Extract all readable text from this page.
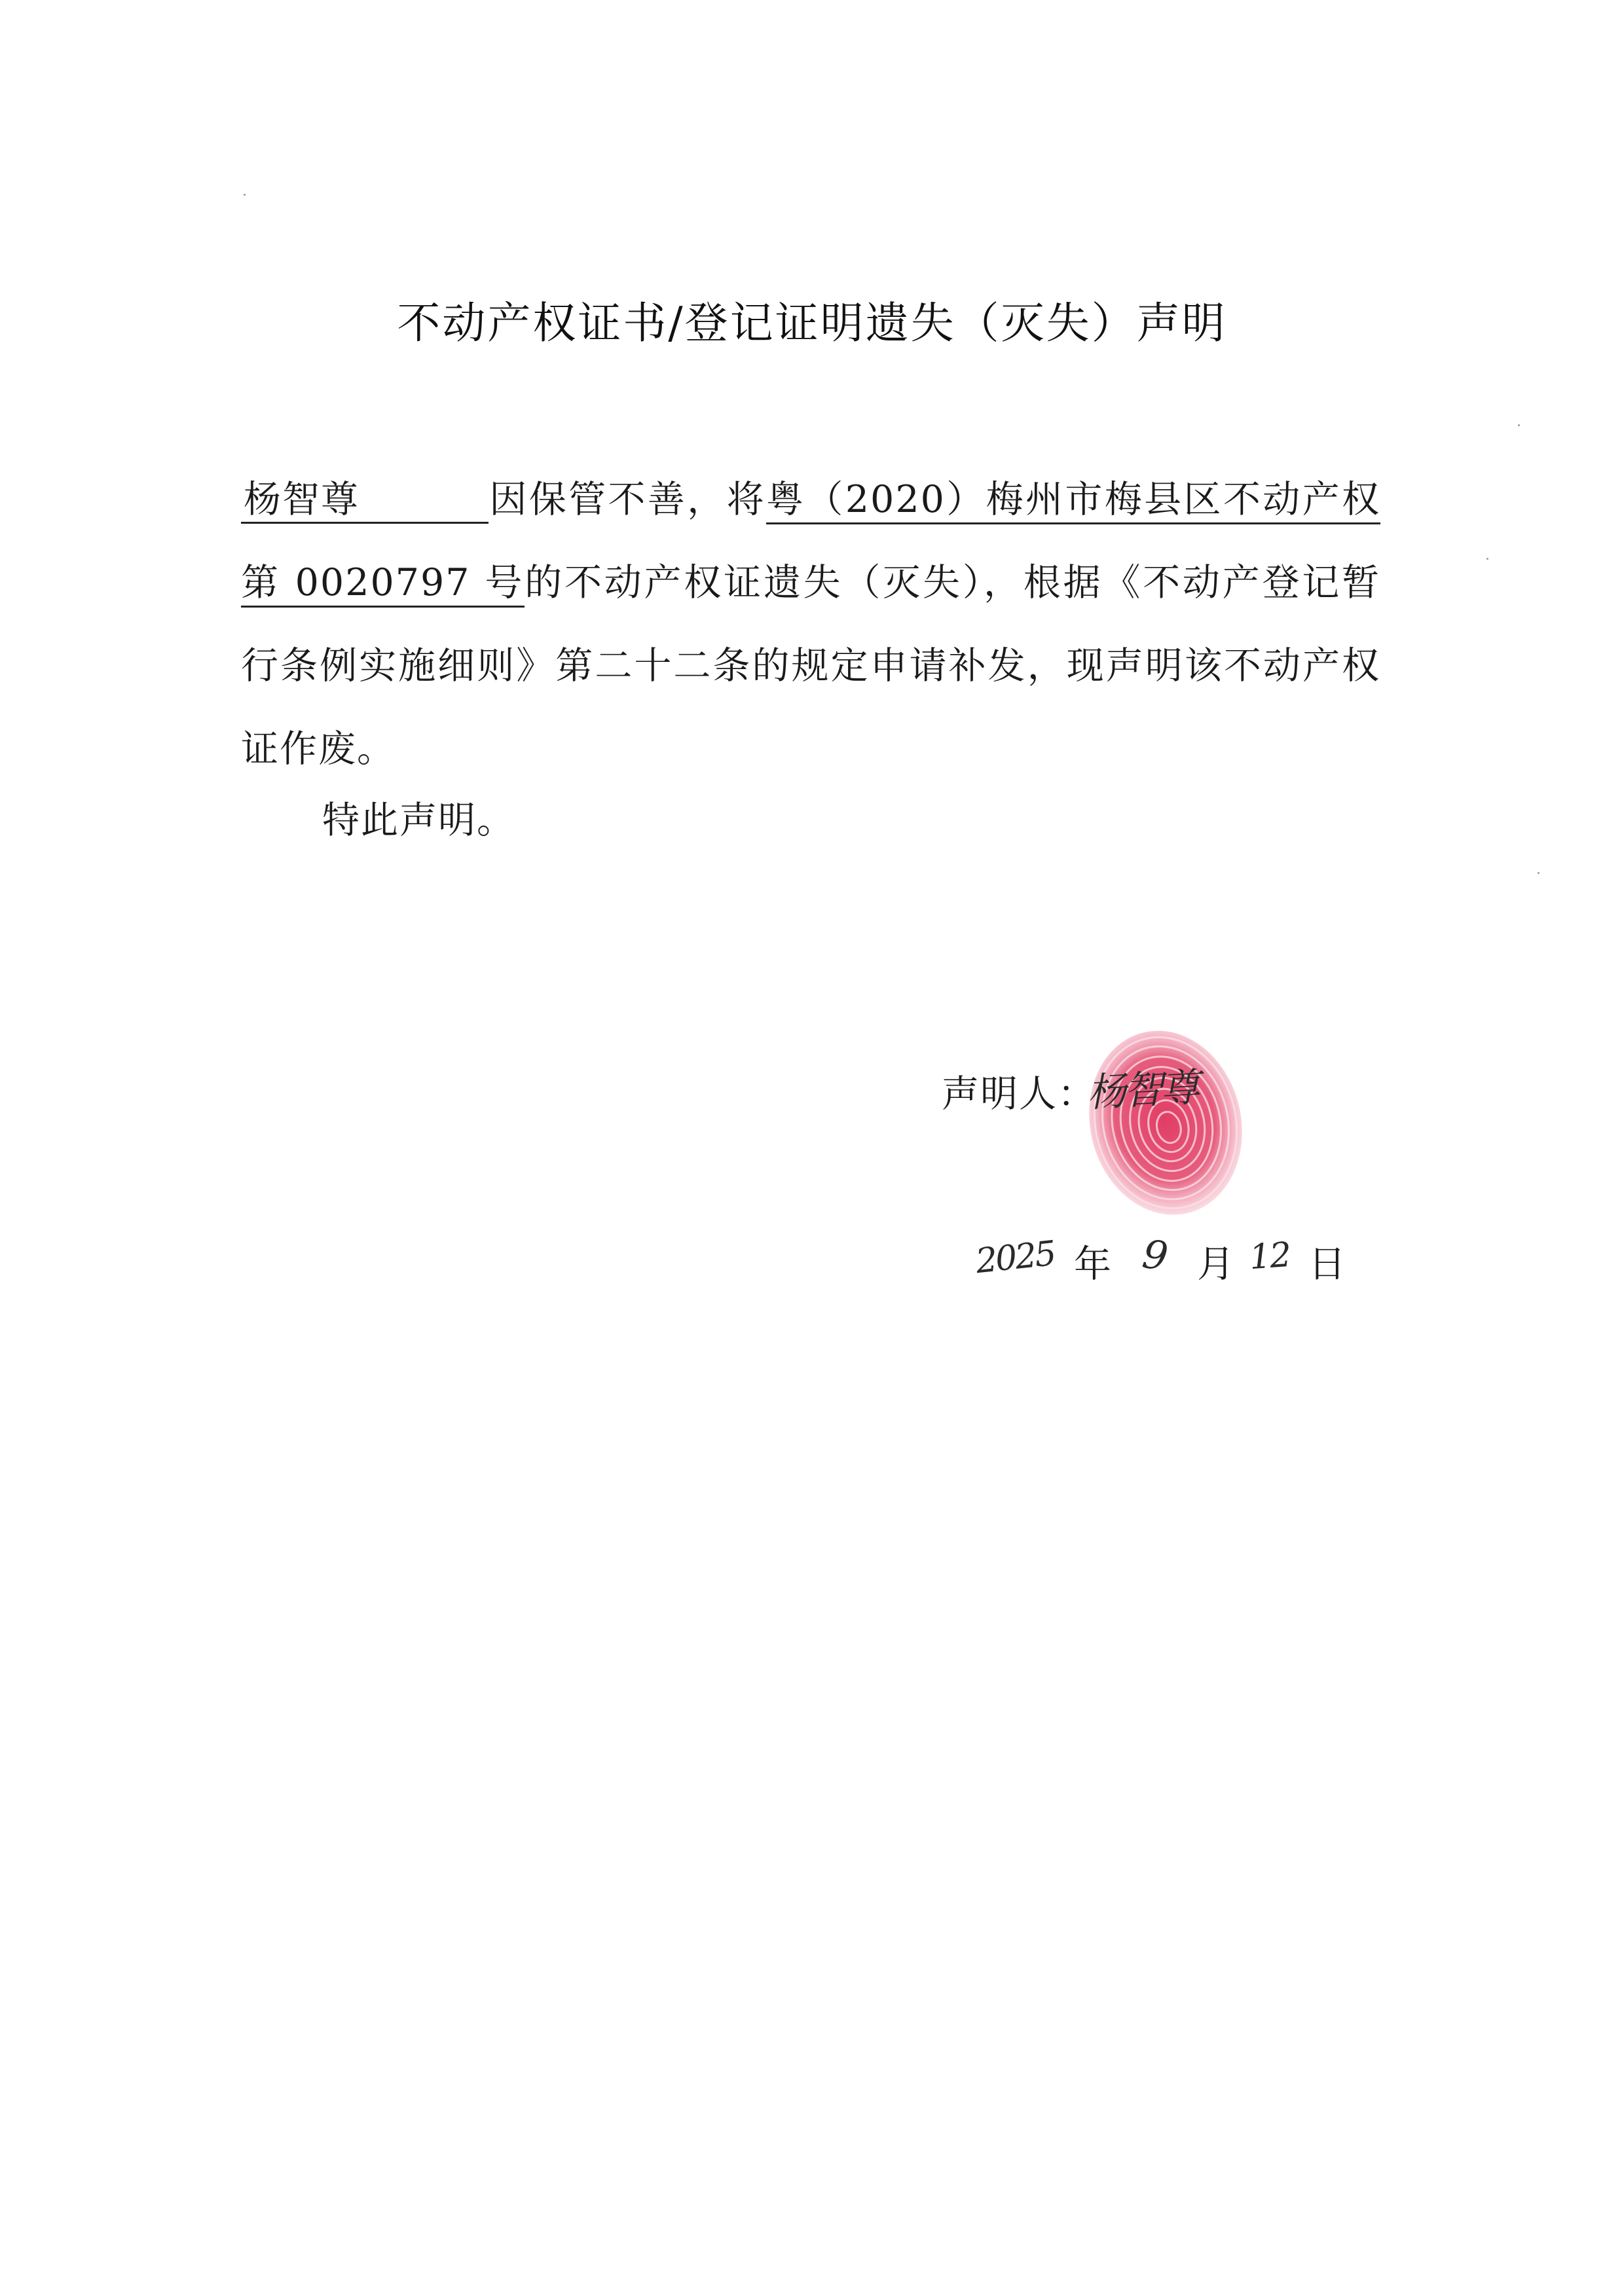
不动产权证书/登记证明遗失（灭失）声明

杨智尊	因保管不善，将粤（2020）梅州市梅县区不动产权第 0020797 号的不动产权证遗失（灭失），根据《不动产登记暂行条例实施细则》第二十二条的规定申请补发，现声明该不动产权证作废。

特此声明。
声明人：
杨智尊
2025 年 9 月 12 日
